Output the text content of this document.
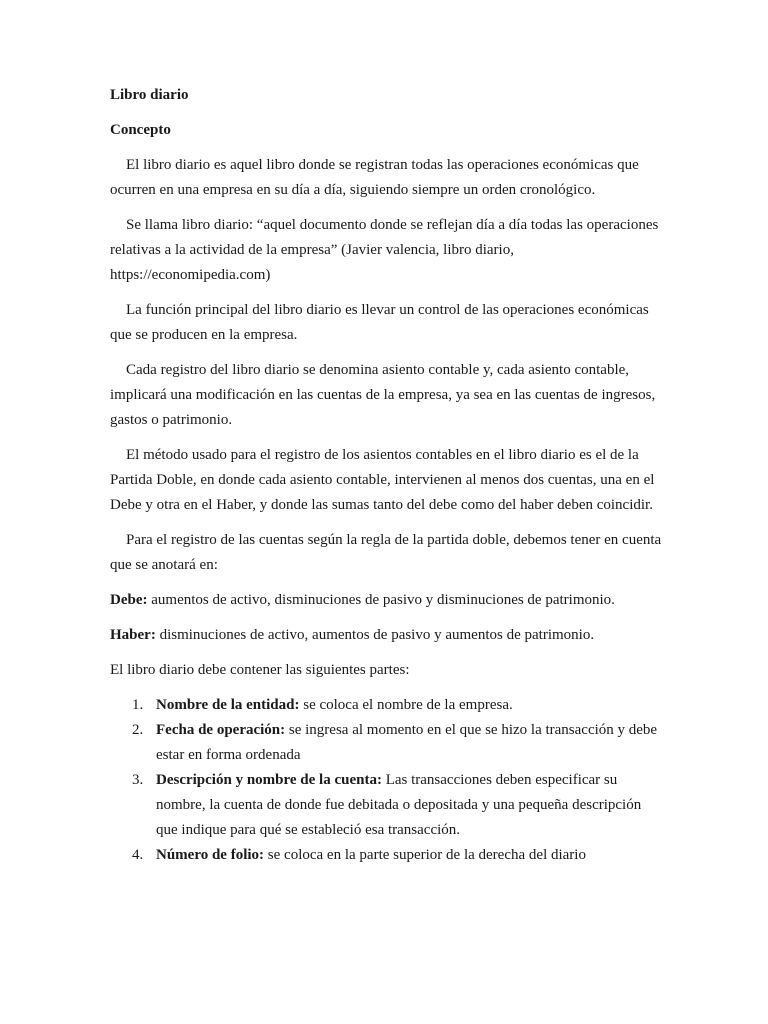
Libro diario

Concepto

El libro diario es aquel libro donde se registran todas las operaciones económicas que ocurren en una empresa en su día a día, siguiendo siempre un orden cronológico.

Se llama libro diario: “aquel documento donde se reflejan día a día todas las operaciones relativas a la actividad de la empresa” (Javier valencia, libro diario, https://economipedia.com)

La función principal del libro diario es llevar un control de las operaciones económicas que se producen en la empresa.

Cada registro del libro diario se denomina asiento contable y, cada asiento contable, implicará una modificación en las cuentas de la empresa, ya sea en las cuentas de ingresos, gastos o patrimonio.

El método usado para el registro de los asientos contables en el libro diario es el de la Partida Doble, en donde cada asiento contable, intervienen al menos dos cuentas, una en el Debe y otra en el Haber, y donde las sumas tanto del debe como del haber deben coincidir.

Para el registro de las cuentas según la regla de la partida doble, debemos tener en cuenta que se anotará en:

Debe: aumentos de activo, disminuciones de pasivo y disminuciones de patrimonio.

Haber: disminuciones de activo, aumentos de pasivo y aumentos de patrimonio.

El libro diario debe contener las siguientes partes:

1. Nombre de la entidad: se coloca el nombre de la empresa.
2. Fecha de operación: se ingresa al momento en el que se hizo la transacción y debe estar en forma ordenada
3. Descripción y nombre de la cuenta: Las transacciones deben especificar su nombre, la cuenta de donde fue debitada o depositada y una pequeña descripción que indique para qué se estableció esa transacción.
4. Número de folio: se coloca en la parte superior de la derecha del diario
